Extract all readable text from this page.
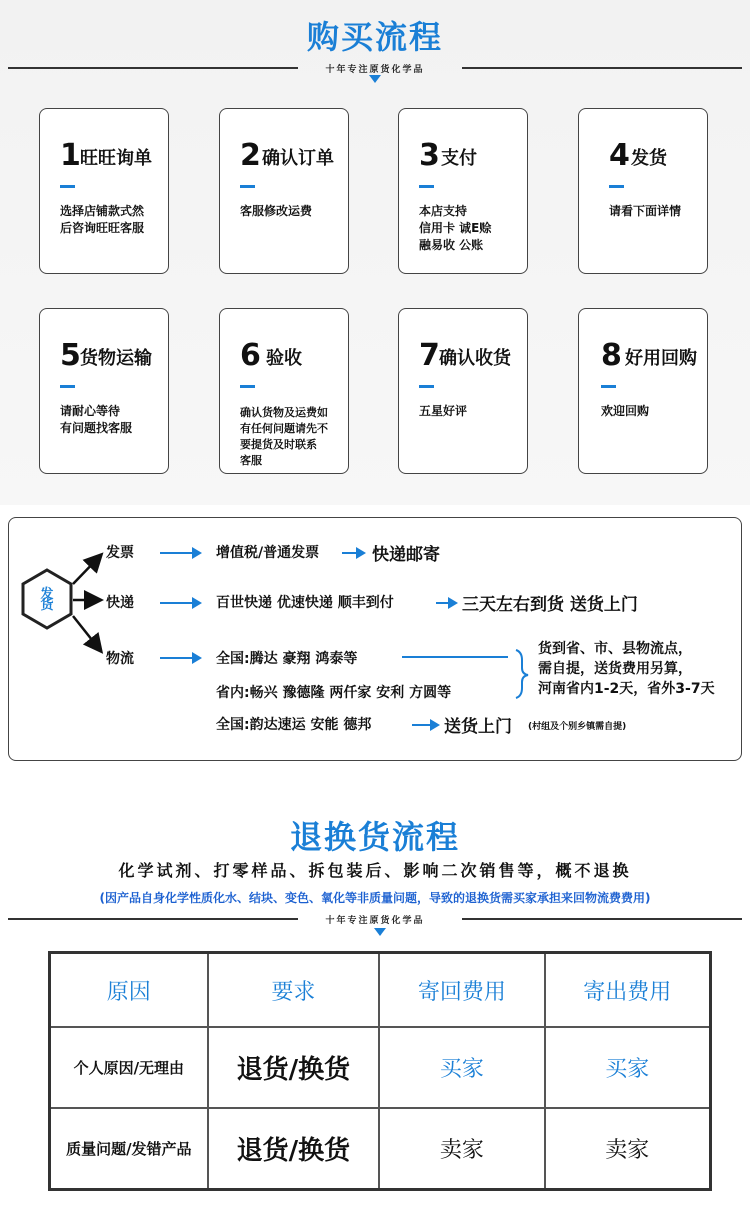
购买流程
十年专注原货化学品
1 旺旺询单
选择店铺款式然
后咨询旺旺客服
2 确认订单
客服修改运费
3 支付
本店支持
信用卡 诚E赊
融易收 公账
4 发货
请看下面详情
5 货物运输
请耐心等待
有问题找客服
6 验收
确认货物及运费如
有任何问题请先不
要提货及时联系
客服
7 确认收货
五星好评
8 好用回购
欢迎回购
发货
发票	增值税/普通发票	快递邮寄
快递	百世快递 优速快递 顺丰到付	三天左右到货 送货上门
物流	全国:腾达 豪翔 鸿泰等
省内:畅兴 豫德隆 两仟家 安利 方圆等
货到省、市、县物流点，
需自提，送货费用另算，
河南省内1-2天，省外3-7天
全国:韵达速运 安能 德邦	送货上门 (村组及个别乡镇需自提)
退换货流程
化学试剂、打零样品、拆包装后、影响二次销售等，概不退换
(因产品自身化学性质化水、结块、变色、氧化等非质量问题，导致的退换货需买家承担来回物流费费用)
十年专注原货化学品
原因	要求	寄回费用	寄出费用
个人原因/无理由	退货/换货	买家	买家
质量问题/发错产品	退货/换货	卖家	卖家
